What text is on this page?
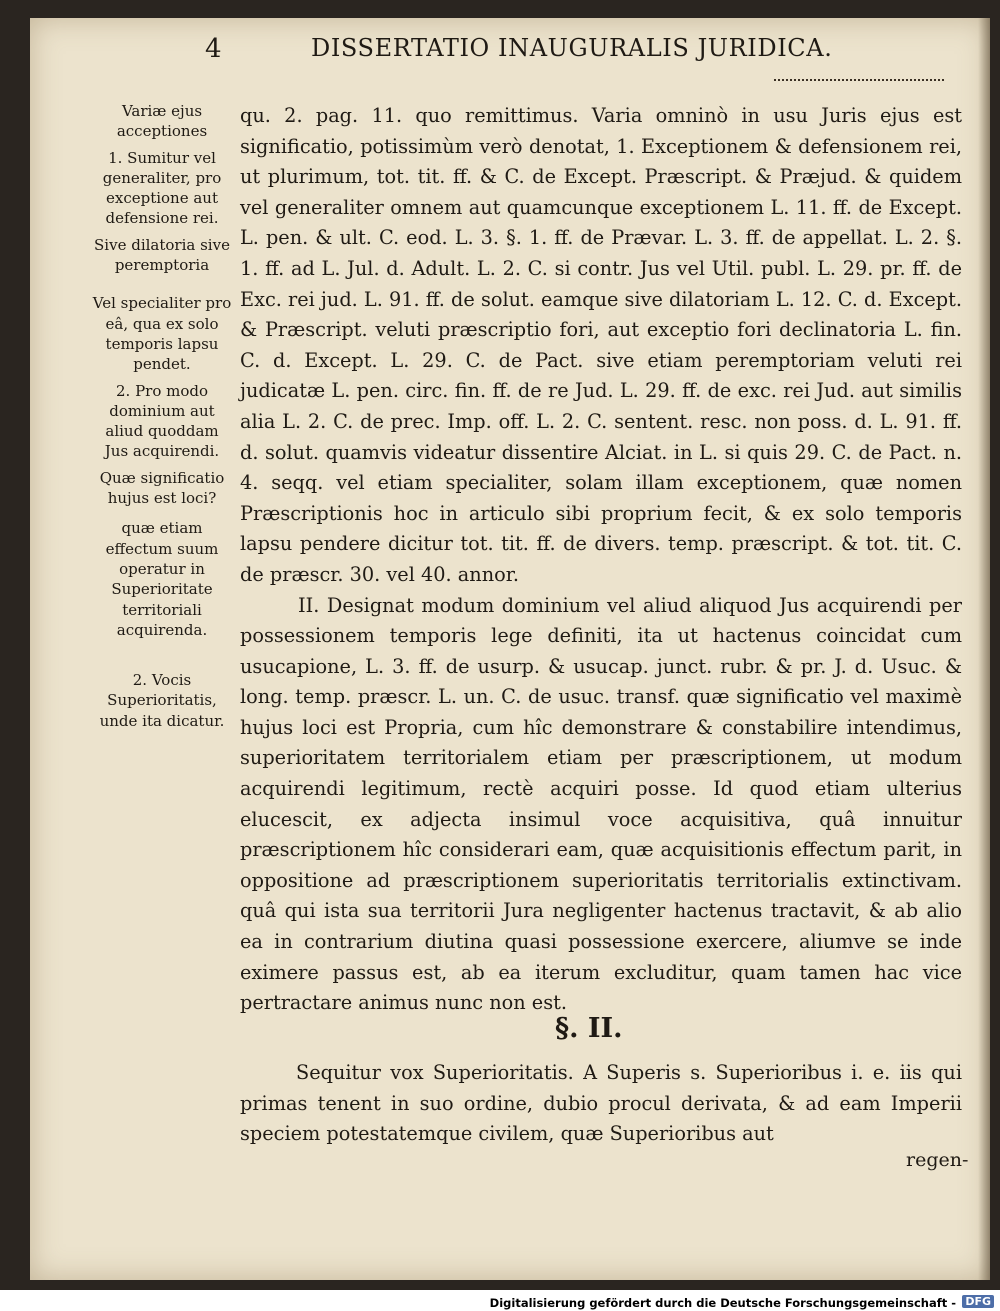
4	DISSERTATIO INAUGURALIS JURIDICA.
Variæ ejus acceptiones
1. Sumitur vel generaliter, pro exceptione aut defensione rei.
Sive dilatoria sive peremptoria
Vel specialiter pro eâ, qua ex solo temporis lapsu pendet.
2. Pro modo dominium aut aliud quoddam Jus acquirendi.
Quæ significatio hujus est loci?
quæ etiam effectum suum operatur in Superioritate territoriali acquirenda.
2. Vocis Superioritatis, unde ita dicatur.

qu. 2. pag. 11. quo remittimus. Varia omninò in usu Juris ejus est significatio, potissimùm verò denotat, 1. Exceptionem & defensionem rei, ut plurimum, tot. tit. ff. & C. de Except. Præscript. & Præjud. & quidem vel generaliter omnem aut quamcunque exceptionem L. 11. ff. de Except. L. pen. & ult. C. eod. L. 3. §. 1. ff. de Prævar. L. 3. ff. de appellat. L. 2. §. 1. ff. ad L. Jul. d. Adult. L. 2. C. si contr. Jus vel Util. publ. L. 29. pr. ff. de Exc. rei jud. L. 91. ff. de solut. eamque sive dilatoriam L. 12. C. d. Except. & Præscript. veluti præscriptio fori, aut exceptio fori declinatoria L. fin. C. d. Except. L. 29. C. de Pact. sive etiam peremptoriam veluti rei judicatæ L. pen. circ. fin. ff. de re Jud. L. 29. ff. de exc. rei Jud. aut similis alia L. 2. C. de prec. Imp. off. L. 2. C. sentent. resc. non poss. d. L. 91. ff. d. solut. quamvis videatur dissentire Alciat. in L. si quis 29. C. de Pact. n. 4. seqq. vel etiam specialiter, solam illam exceptionem, quæ nomen Præscriptionis hoc in articulo sibi proprium fecit, & ex solo temporis lapsu pendere dicitur tot. tit. ff. de divers. temp. præscript. & tot. tit. C. de præscr. 30. vel 40. annor.

II. Designat modum dominium vel aliud aliquod Jus acquirendi per possessionem temporis lege definiti, ita ut hactenus coincidat cum usucapione, L. 3. ff. de usurp. & usucap. junct. rubr. & pr. J. d. Usuc. & long. temp. præscr. L. un. C. de usuc. transf. quæ significatio vel maximè hujus loci est Propria, cum hîc demonstrare & constabilire intendimus, superioritatem territorialem etiam per præscriptionem, ut modum acquirendi legitimum, rectè acquiri posse. Id quod etiam ulterius elucescit, ex adjecta insimul voce acquisitiva, quâ innuitur præscriptionem hîc considerari eam, quæ acquisitionis effectum parit, in oppositione ad præscriptionem superioritatis territorialis extinctivam. quâ qui ista sua territorii Jura negligenter hactenus tractavit, & ab alio ea in contrarium diutina quasi possessione exercere, aliumve se inde eximere passus est, ab ea iterum excluditur, quam tamen hac vice pertractare animus nunc non est.

§. II.
Sequitur vox Superioritatis. A Superis s. Superioribus i. e. iis qui primas tenent in suo ordine, dubio procul derivata, & ad eam Imperii speciem potestatemque civilem, quæ Superioribus aut
regen-
Digitalisierung gefördert durch die Deutsche Forschungsgemeinschaft - DFG
